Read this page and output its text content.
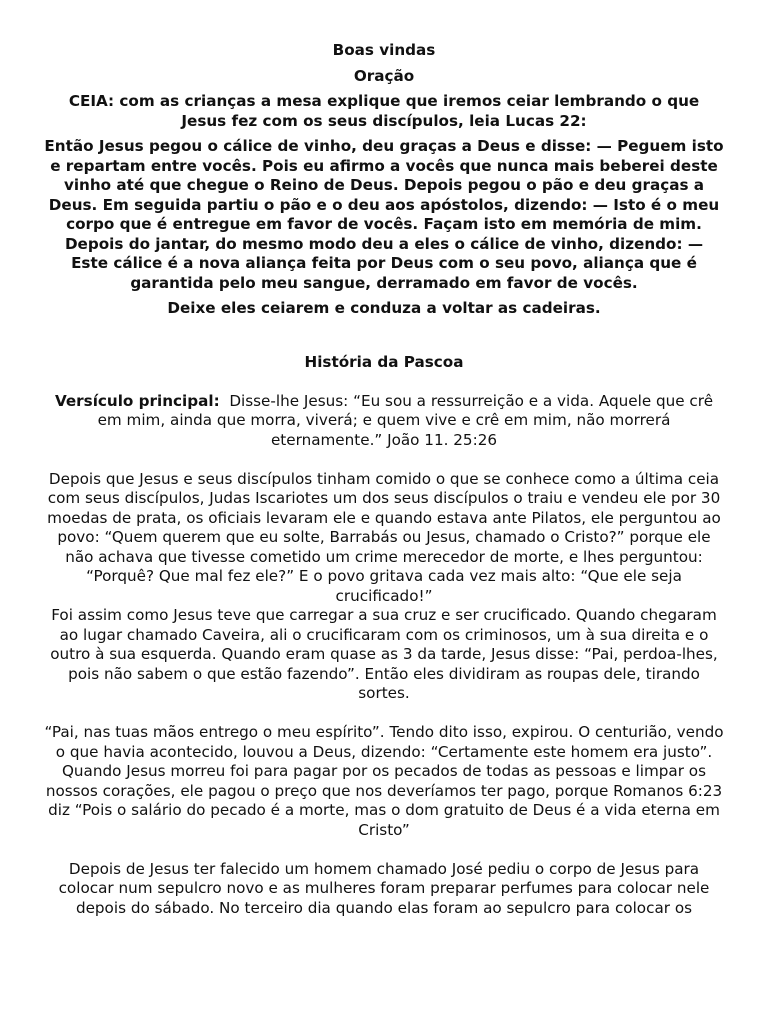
Boas vindas

Oração

CEIA: com as crianças a mesa explique que iremos ceiar lembrando o que Jesus fez com os seus discípulos, leia Lucas 22:

Então Jesus pegou o cálice de vinho, deu graças a Deus e disse: — Peguem isto e repartam entre vocês. Pois eu afirmo a vocês que nunca mais beberei deste vinho até que chegue o Reino de Deus. Depois pegou o pão e deu graças a Deus. Em seguida partiu o pão e o deu aos apóstolos, dizendo: — Isto é o meu corpo que é entregue em favor de vocês. Façam isto em memória de mim. Depois do jantar, do mesmo modo deu a eles o cálice de vinho, dizendo: — Este cálice é a nova aliança feita por Deus com o seu povo, aliança que é garantida pelo meu sangue, derramado em favor de vocês.

Deixe eles ceiarem e conduza a voltar as cadeiras.

História da Pascoa

Versículo principal: Disse-lhe Jesus: “Eu sou a ressurreição e a vida. Aquele que crê em mim, ainda que morra, viverá; e quem vive e crê em mim, não morrerá eternamente.” João 11. 25:26

Depois que Jesus e seus discípulos tinham comido o que se conhece como a última ceia com seus discípulos, Judas Iscariotes um dos seus discípulos o traiu e vendeu ele por 30 moedas de prata, os oficiais levaram ele e quando estava ante Pilatos, ele perguntou ao povo: “Quem querem que eu solte, Barrabás ou Jesus, chamado o Cristo?” porque ele não achava que tivesse cometido um crime merecedor de morte, e lhes perguntou: “Porquê? Que mal fez ele?” E o povo gritava cada vez mais alto: “Que ele seja crucificado!”

Foi assim como Jesus teve que carregar a sua cruz e ser crucificado. Quando chegaram ao lugar chamado Caveira, ali o crucificaram com os criminosos, um à sua direita e o outro à sua esquerda. Quando eram quase as 3 da tarde, Jesus disse: “Pai, perdoa-lhes, pois não sabem o que estão fazendo”. Então eles dividiram as roupas dele, tirando sortes.

“Pai, nas tuas mãos entrego o meu espírito”. Tendo dito isso, expirou. O centurião, vendo o que havia acontecido, louvou a Deus, dizendo: “Certamente este homem era justo”. Quando Jesus morreu foi para pagar por os pecados de todas as pessoas e limpar os nossos corações, ele pagou o preço que nos deveríamos ter pago, porque Romanos 6:23 diz “Pois o salário do pecado é a morte, mas o dom gratuito de Deus é a vida eterna em Cristo”

Depois de Jesus ter falecido um homem chamado José pediu o corpo de Jesus para colocar num sepulcro novo e as mulheres foram preparar perfumes para colocar nele depois do sábado. No terceiro dia quando elas foram ao sepulcro para colocar os
